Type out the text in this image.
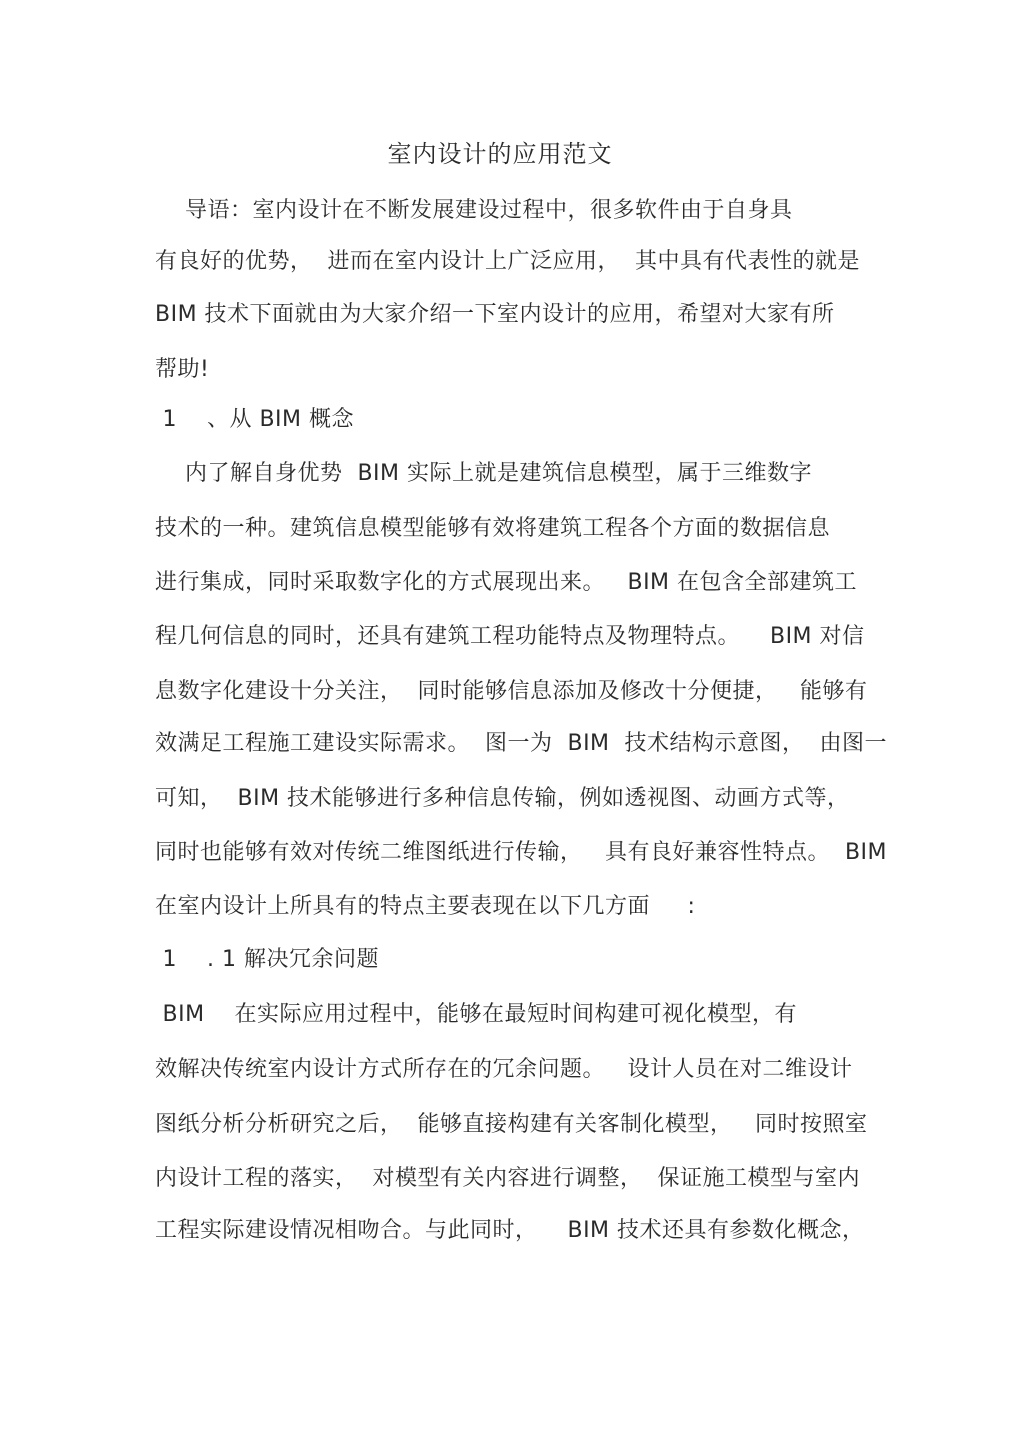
室内设计的应用范文
导语：室内设计在不断发展建设过程中，很多软件由于自身具
有良好的优势，  进而在室内设计上广泛应用，  其中具有代表性的就是
BIM 技术下面就由为大家介绍一下室内设计的应用，希望对大家有所
帮助!
1    、从 BIM 概念
内了解自身优势  BIM 实际上就是建筑信息模型，属于三维数字
技术的一种。建筑信息模型能够有效将建筑工程各个方面的数据信息
进行集成，同时采取数字化的方式展现出来。   BIM 在包含全部建筑工
程几何信息的同时，还具有建筑工程功能特点及物理特点。    BIM 对信
息数字化建设十分关注，  同时能够信息添加及修改十分便捷，   能够有
效满足工程施工建设实际需求。  图一为  BIM  技术结构示意图，  由图一
可知，  BIM 技术能够进行多种信息传输，例如透视图、动画方式等，
同时也能够有效对传统二维图纸进行传输，   具有良好兼容性特点。  BIM
在室内设计上所具有的特点主要表现在以下几方面     :
1    . 1 解决冗余问题
BIM    在实际应用过程中，能够在最短时间构建可视化模型，有
效解决传统室内设计方式所存在的冗余问题。   设计人员在对二维设计
图纸分析分析研究之后，  能够直接构建有关客制化模型，   同时按照室
内设计工程的落实，  对模型有关内容进行调整，  保证施工模型与室内
工程实际建设情况相吻合。与此同时，    BIM 技术还具有参数化概念，
